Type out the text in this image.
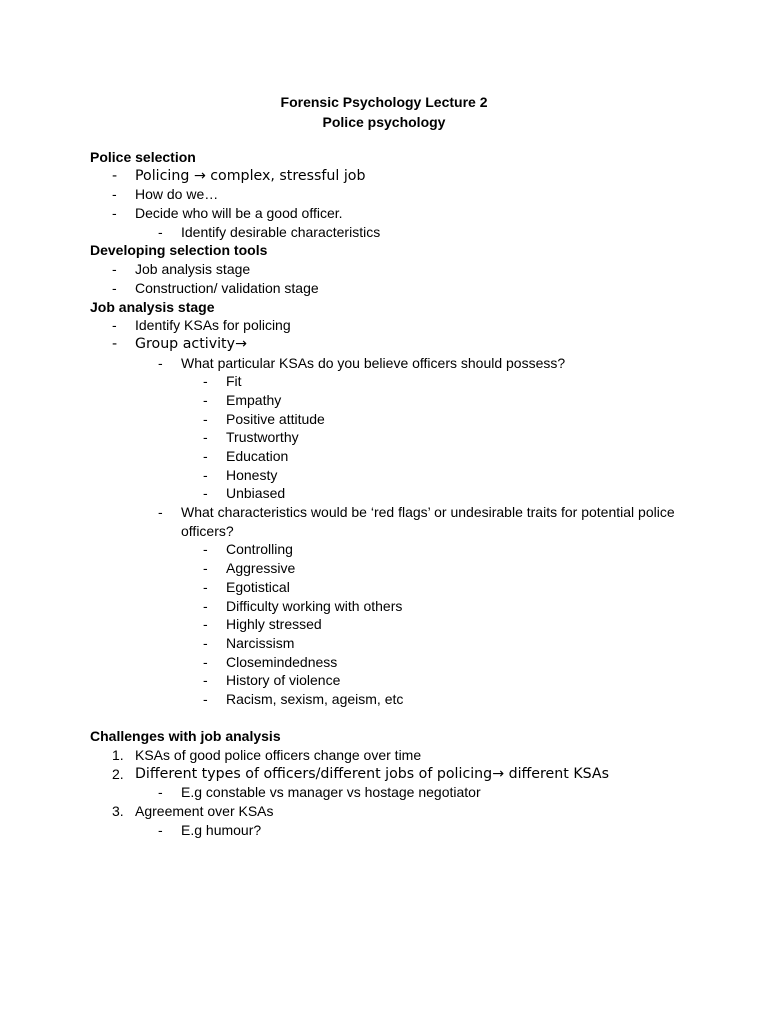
Forensic Psychology Lecture 2
Police psychology
Police selection
- Policing → complex, stressful job
- How do we…
- Decide who will be a good officer.
- Identify desirable characteristics
Developing selection tools
- Job analysis stage
- Construction/ validation stage
Job analysis stage
- Identify KSAs for policing
- Group activity→
- What particular KSAs do you believe officers should possess?
- Fit
- Empathy
- Positive attitude
- Trustworthy
- Education
- Honesty
- Unbiased
- What characteristics would be ‘red flags’ or undesirable traits for potential police officers?
- Controlling
- Aggressive
- Egotistical
- Difficulty working with others
- Highly stressed
- Narcissism
- Closemindedness
- History of violence
- Racism, sexism, ageism, etc
Challenges with job analysis
1. KSAs of good police officers change over time
2. Different types of officers/different jobs of policing→ different KSAs
- E.g constable vs manager vs hostage negotiator
3. Agreement over KSAs
- E.g humour?
